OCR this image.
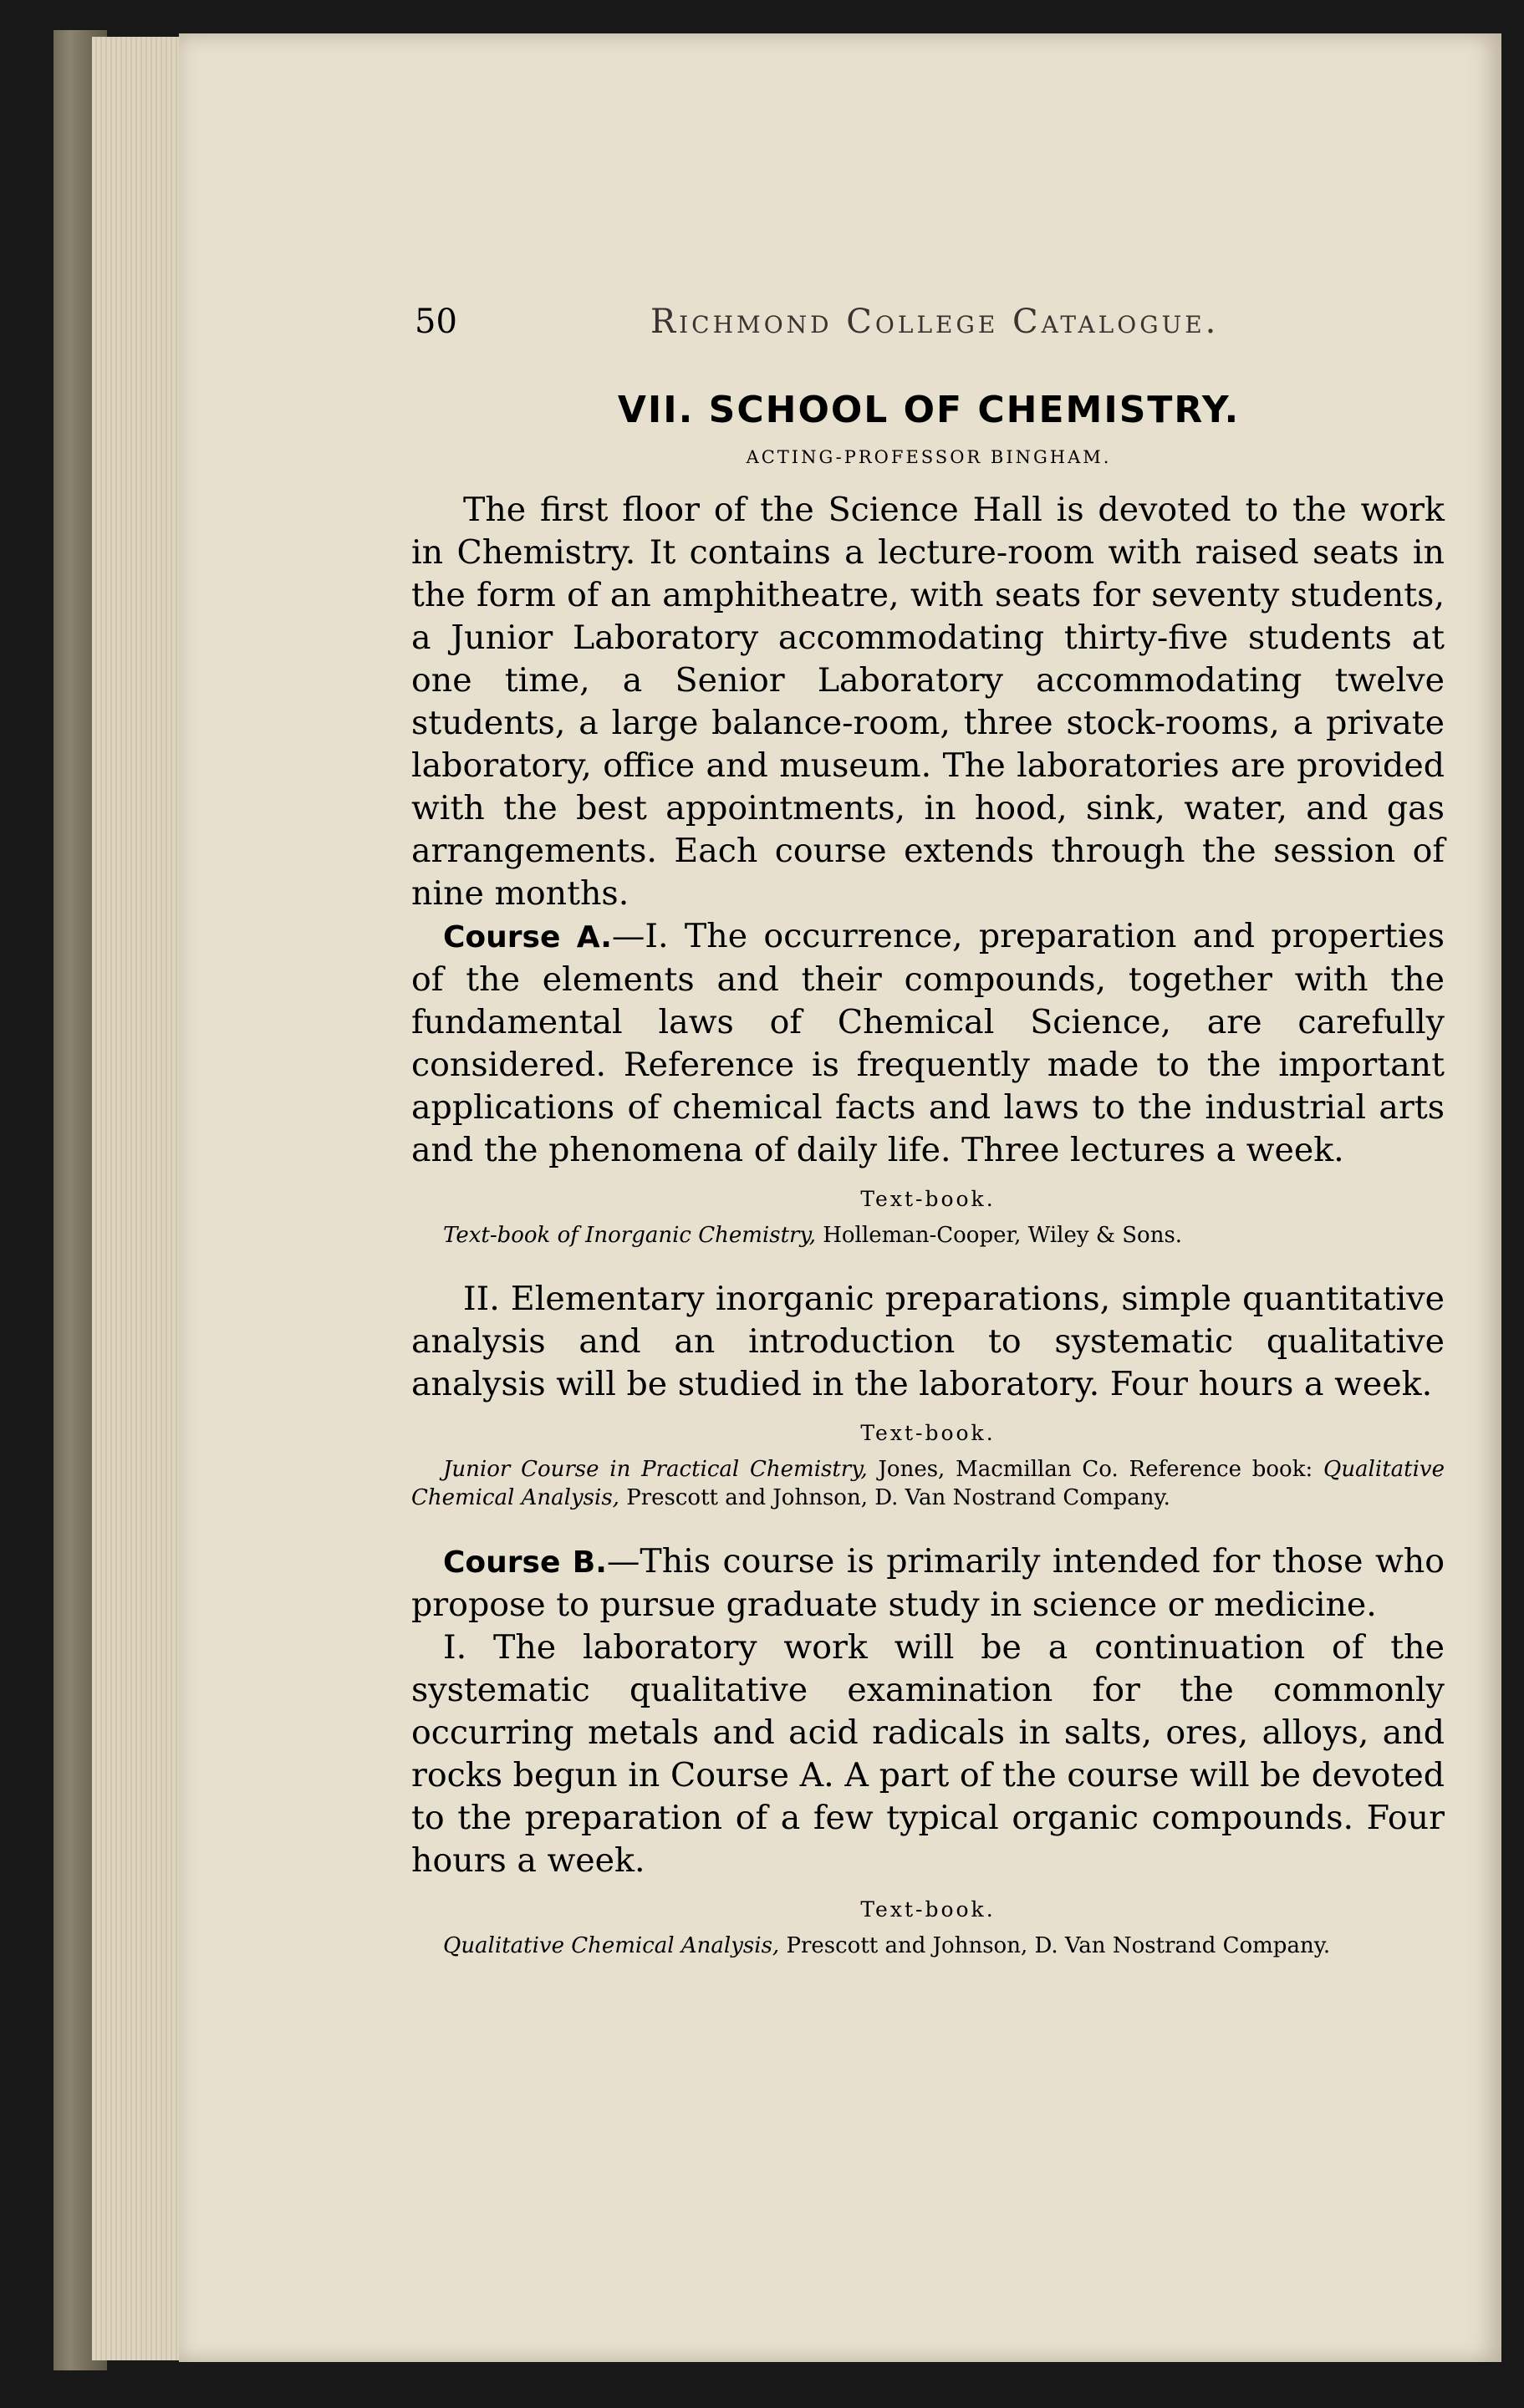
50	Richmond College Catalogue.
VII. SCHOOL OF CHEMISTRY.
ACTING-PROFESSOR BINGHAM.

The first floor of the Science Hall is devoted to the work in Chemistry. It contains a lecture-room with raised seats in the form of an amphitheatre, with seats for seventy students, a Junior Laboratory accommodating thirty-five students at one time, a Senior Laboratory accommodating twelve students, a large balance-room, three stock-rooms, a private laboratory, office and museum. The laboratories are provided with the best appointments, in hood, sink, water, and gas arrangements. Each course extends through the session of nine months.

Course A.—I. The occurrence, preparation and properties of the elements and their compounds, together with the fundamental laws of Chemical Science, are carefully considered. Reference is frequently made to the important applications of chemical facts and laws to the industrial arts and the phenomena of daily life. Three lectures a week.

Text-book.

Text-book of Inorganic Chemistry, Holleman-Cooper, Wiley & Sons.

II. Elementary inorganic preparations, simple quantitative analysis and an introduction to systematic qualitative analysis will be studied in the laboratory. Four hours a week.

Text-book.

Junior Course in Practical Chemistry, Jones, Macmillan Co. Reference book: Qualitative Chemical Analysis, Prescott and Johnson, D. Van Nostrand Company.

Course B.—This course is primarily intended for those who propose to pursue graduate study in science or medicine.

I. The laboratory work will be a continuation of the systematic qualitative examination for the commonly occurring metals and acid radicals in salts, ores, alloys, and rocks begun in Course A. A part of the course will be devoted to the preparation of a few typical organic compounds. Four hours a week.

Text-book.

Qualitative Chemical Analysis, Prescott and Johnson, D. Van Nostrand Company.
